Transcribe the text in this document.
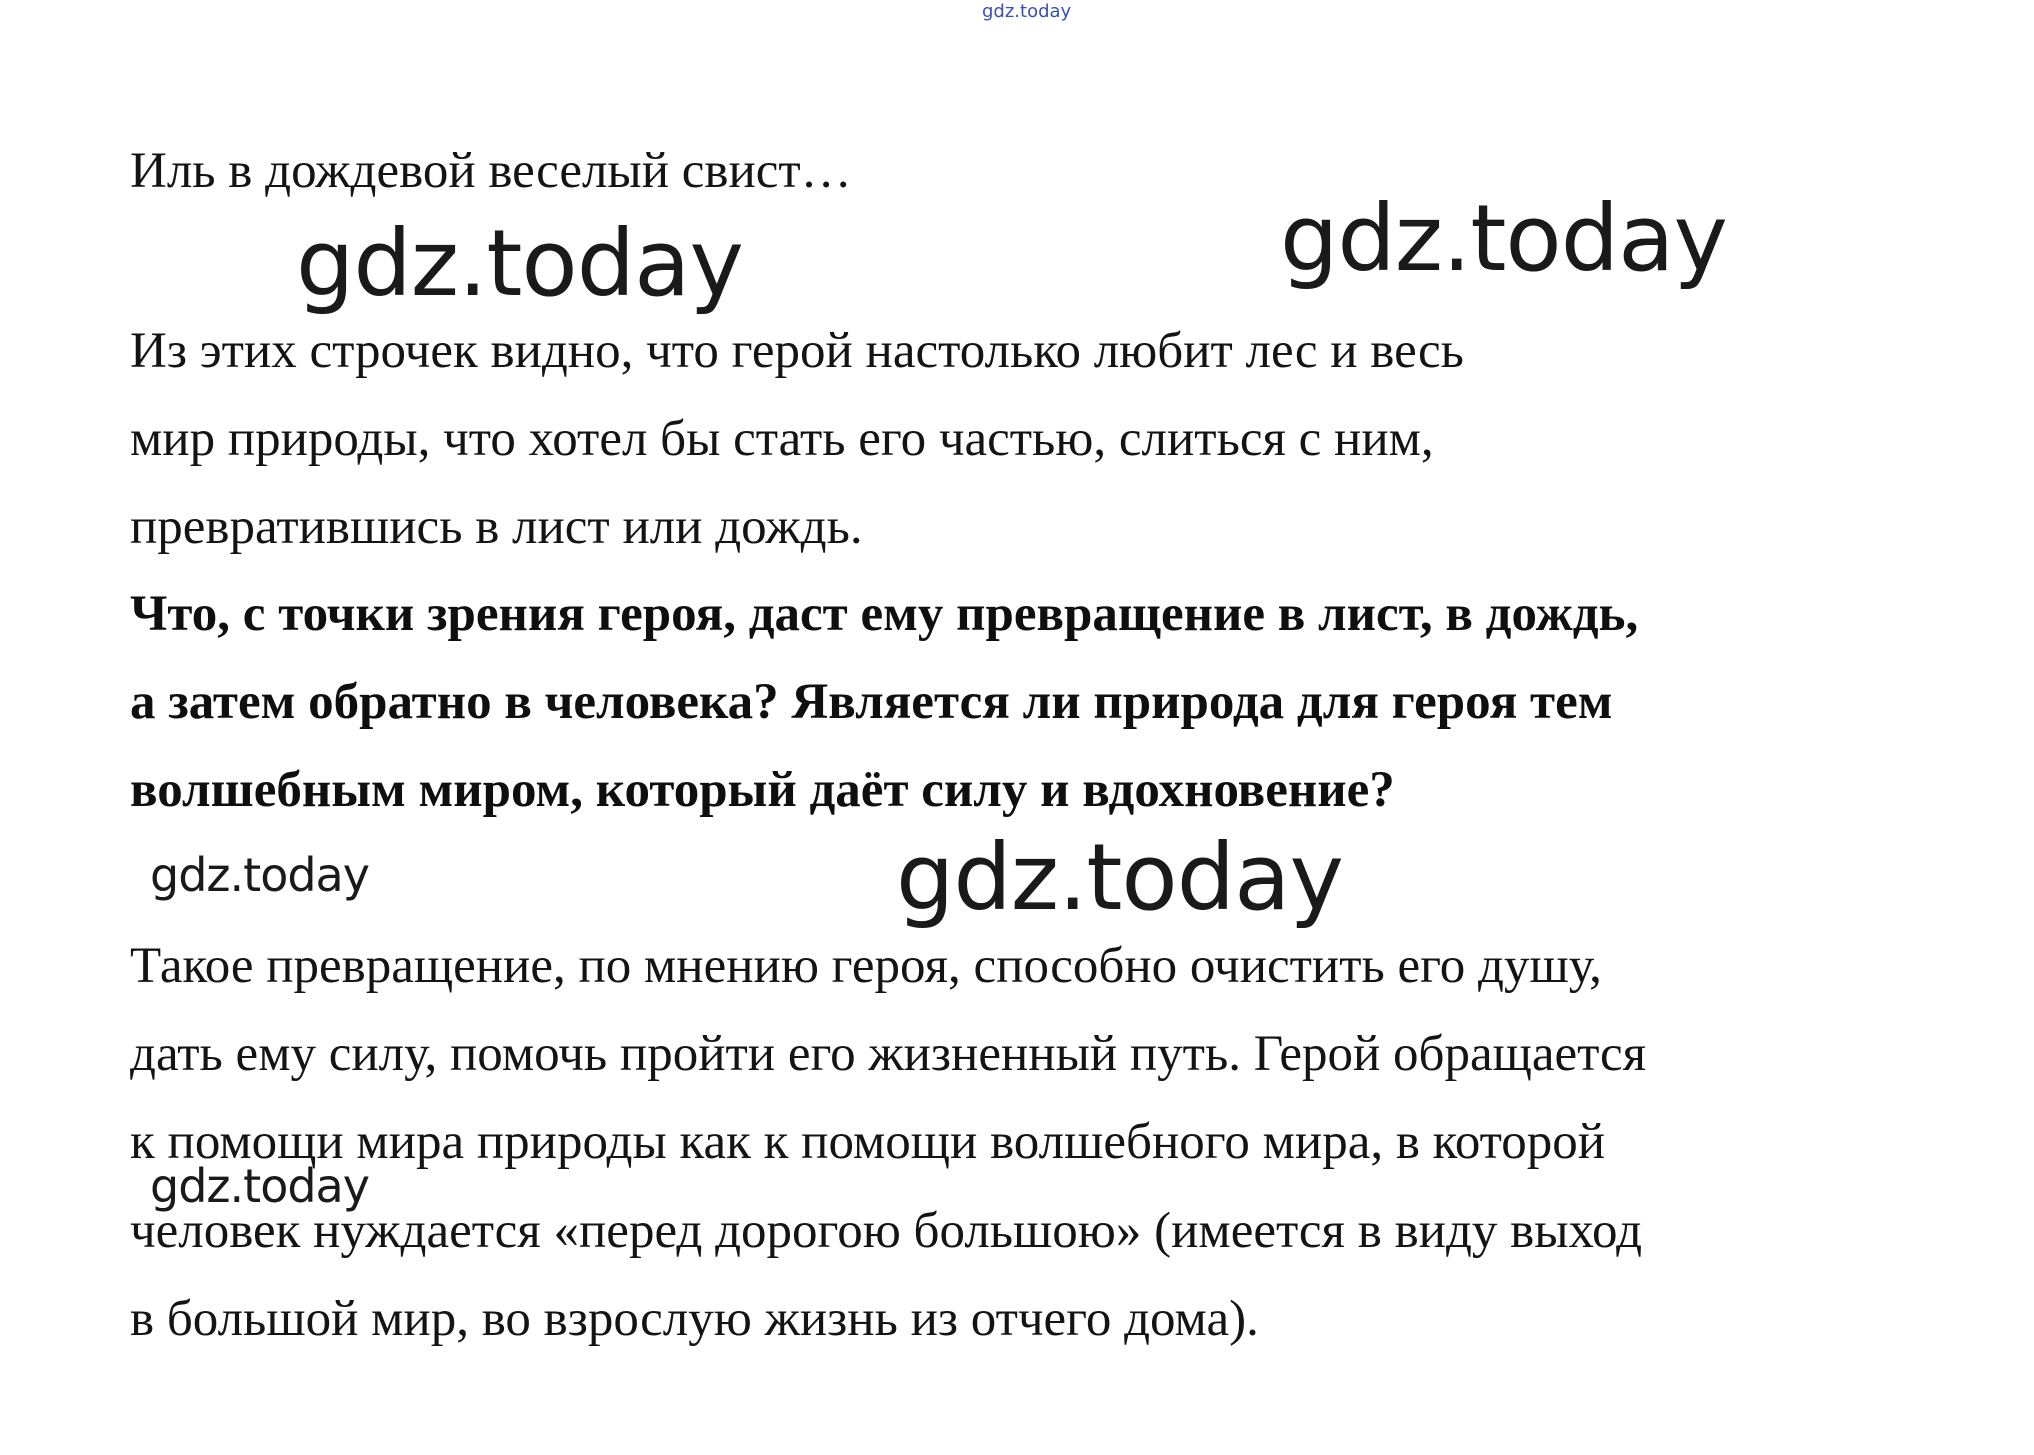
gdz.today
Иль в дождевой веселый свист…
gdz.today	gdz.today
Из этих строчек видно, что герой настолько любит лес и весь
мир природы, что хотел бы стать его частью, слиться с ним,
превратившись в лист или дождь.
Что, с точки зрения героя, даст ему превращение в лист, в дождь,
а затем обратно в человека? Является ли природа для героя тем
волшебным миром, который даёт силу и вдохновение?
gdz.today	gdz.today
Такое превращение, по мнению героя, способно очистить его душу,
дать ему силу, помочь пройти его жизненный путь. Герой обращается
к помощи мира природы как к помощи волшебного мира, в которой
gdz.today
человек нуждается «перед дорогою большою» (имеется в виду выход
в большой мир, во взрослую жизнь из отчего дома).
